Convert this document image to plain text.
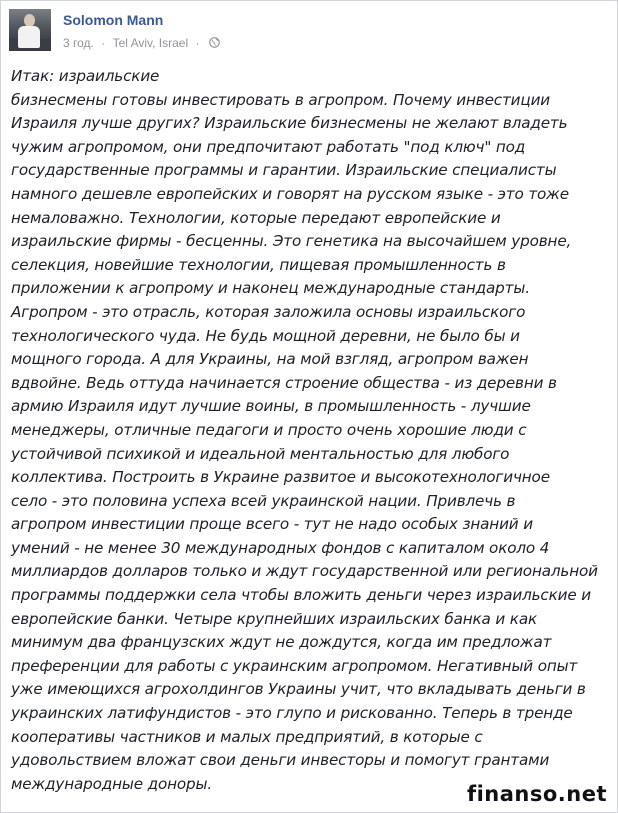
Solomon Mann
3 год. · Tel Aviv, Israel ·
Итак: израильские
бизнесмены готовы инвестировать в агропром. Почему инвестиции
Израиля лучше других? Израильские бизнесмены не желают владеть
чужим агропромом, они предпочитают работать "под ключ" под
государственные программы и гарантии. Израильские специалисты
намного дешевле европейских и говорят на русском языке - это тоже
немаловажно. Технологии, которые передают европейские и
израильские фирмы - бесценны. Это генетика на высочайшем уровне,
селекция, новейшие технологии, пищевая промышленность в
приложении к агропрому и наконец международные стандарты.
Агропром - это отрасль, которая заложила основы израильского
технологического чуда. Не будь мощной деревни, не было бы и
мощного города. А для Украины, на мой взгляд, агропром важен
вдвойне. Ведь оттуда начинается строение общества - из деревни в
армию Израиля идут лучшие воины, в промышленность - лучшие
менеджеры, отличные педагоги и просто очень хорошие люди с
устойчивой психикой и идеальной ментальностью для любого
коллектива. Построить в Украине развитое и высокотехнологичное
село - это половина успеха всей украинской нации. Привлечь в
агропром инвестиции проще всего - тут не надо особых знаний и
умений - не менее 30 международных фондов с капиталом около 4
миллиардов долларов только и ждут государственной или региональной
программы поддержки села чтобы вложить деньги через израильские и
европейские банки. Четыре крупнейших израильских банка и как
минимум два французских ждут не дождутся, когда им предложат
преференции для работы с украинским агропромом. Негативный опыт
уже имеющихся агрохолдингов Украины учит, что вкладывать деньги в
украинских латифундистов - это глупо и рискованно. Теперь в тренде
кооперативы частников и малых предприятий, в которые с
удовольствием вложат свои деньги инвесторы и помогут грантами
международные доноры.	finanso.net
